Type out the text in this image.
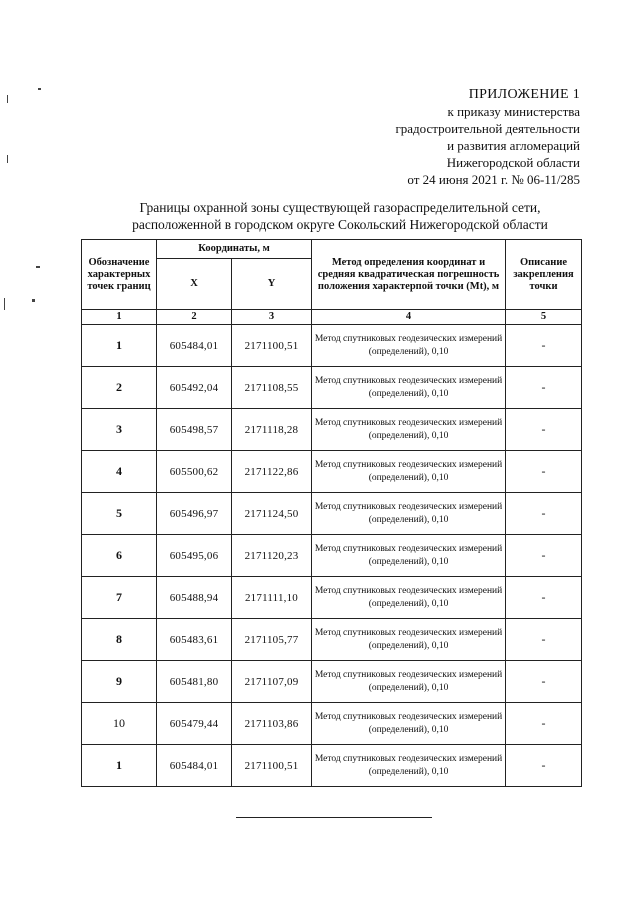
ПРИЛОЖЕНИЕ 1
к приказу министерства
градостроительной деятельности
и развития агломераций
Нижегородской области
от 24 июня 2021 г. № 06-11/285
Границы охранной зоны существующей газораспределительной сети,
расположенной в городском округе Сокольский Нижегородской области
Обозначение характерных точек границ	Координаты, м		Метод определения координат и средняя квадратическая погрешность положения характерпой точки (Mt), м	Описание закрепления точки
	X	Y		
1	2	3	4	5
1	605484,01	2171100,51	Метод спутниковых геодезических измерений (определений), 0,10	-
2	605492,04	2171108,55	Метод спутниковых геодезических измерений (определений), 0,10	-
3	605498,57	2171118,28	Метод спутниковых геодезических измерений (определений), 0,10	-
4	605500,62	2171122,86	Метод спутниковых геодезических измерений (определений), 0,10	-
5	605496,97	2171124,50	Метод спутниковых геодезических измерений (определений), 0,10	-
6	605495,06	2171120,23	Метод спутниковых геодезических измерений (определений), 0,10	-
7	605488,94	2171111,10	Метод спутниковых геодезических измерений (определений), 0,10	-
8	605483,61	2171105,77	Метод спутниковых геодезических измерений (определений), 0,10	-
9	605481,80	2171107,09	Метод спутниковых геодезических измерений (определений), 0,10	-
10	605479,44	2171103,86	Метод спутниковых геодезических измерений (определений), 0,10	-
1	605484,01	2171100,51	Метод спутниковых геодезических измерений (определений), 0,10	-
